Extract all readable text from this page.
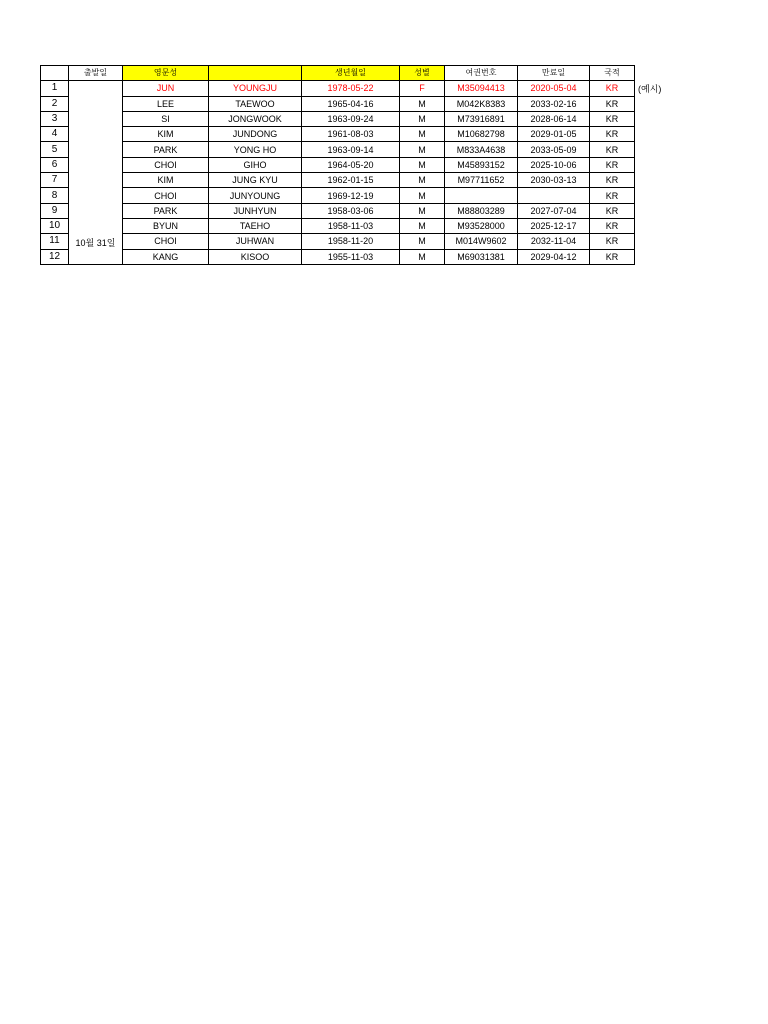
	출발일	영문성		생년월일	성별	여권번호	만료일	국적
1	10월 31일	JUN	YOUNGJU	1978-05-22	F	M35094413	2020-05-04	KR
2		LEE	TAEWOO	1965-04-16	M	M042K8383	2033-02-16	KR
3		SI	JONGWOOK	1963-09-24	M	M73916891	2028-06-14	KR
4		KIM	JUNDONG	1961-08-03	M	M10682798	2029-01-05	KR
5		PARK	YONG HO	1963-09-14	M	M833A4638	2033-05-09	KR
6		CHOI	GIHO	1964-05-20	M	M45893152	2025-10-06	KR
7		KIM	JUNG KYU	1962-01-15	M	M97711652	2030-03-13	KR
8		CHOI	JUNYOUNG	1969-12-19	M			KR
9		PARK	JUNHYUN	1958-03-06	M	M88803289	2027-07-04	KR
10		BYUN	TAEHO	1958-11-03	M	M93528000	2025-12-17	KR
11		CHOI	JUHWAN	1958-11-20	M	M014W9602	2032-11-04	KR
12		KANG	KISOO	1955-11-03	M	M69031381	2029-04-12	KR
(예시)
